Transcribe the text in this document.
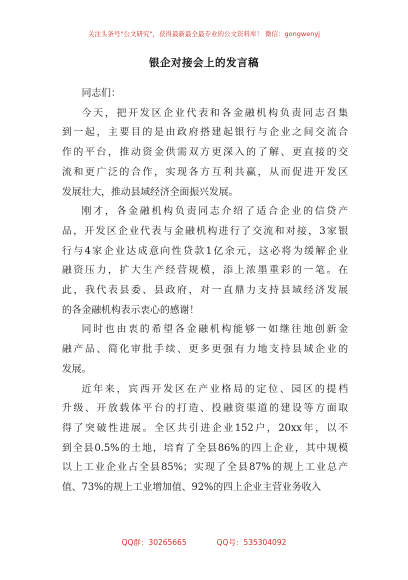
关注头条号"公文研究"，获得最新最全最专业的公文资料库！ 微信：gongwenyj
银企对接会上的发言稿

同志们：

今天，把开发区企业代表和各金融机构负责同志召集
到一起，主要目的是由政府搭建起银行与企业之间交流合
作的平台，推动资金供需双方更深入的了解、更直接的交
流和更广泛的合作，实现各方互利共赢，从而促进开发区
发展壮大，推动县域经济全面振兴发展。
刚才，各金融机构负责同志介绍了适合企业的信贷产
品，开发区企业代表与金融机构进行了交流和对接，3家银
行与4家企业达成意向性贷款1亿余元，这必将为缓解企业
融资压力，扩大生产经营规模，添上浓墨重彩的一笔。在
此，我代表县委、县政府，对一直鼎力支持县域经济发展
的各金融机构表示衷心的感谢！
同时也由衷的希望各金融机构能够一如继往地创新金
融产品、简化审批手续、更多更强有力地支持县域企业的
发展。
近年来，宾西开发区在产业格局的定位、园区的提档
升级、开放载体平台的打造、投融资渠道的建设等方面取
得了突破性进展。全区共引进企业152户，20xx年，以不
到全县0.5%的土地，培育了全县86%的四上企业，其中规模
以上工业企业占全县85%；实现了全县87%的规上工业总产
值、73%的规上工业增加值、92%的四上企业主营业务收入
QQ群：30265665	QQ号：535304092
